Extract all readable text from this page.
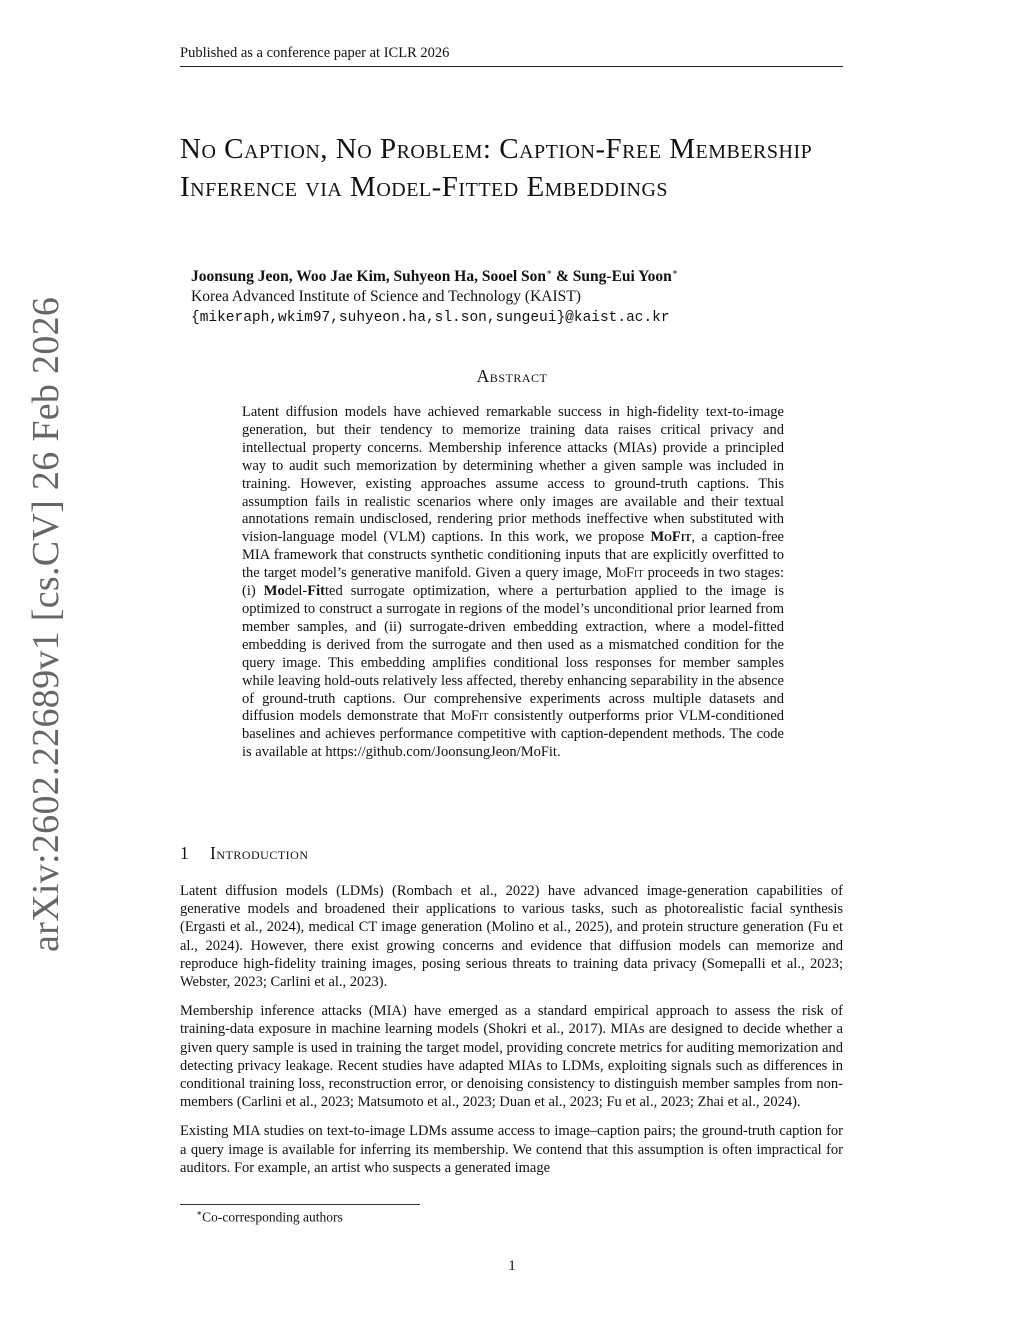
Published as a conference paper at ICLR 2026
arXiv:2602.22689v1 [cs.CV] 26 Feb 2026
No Caption, No Problem: Caption-Free Membership Inference via Model-Fitted Embeddings
Joonsung Jeon, Woo Jae Kim, Suhyeon Ha, Sooel Son∗ & Sung-Eui Yoon∗
Korea Advanced Institute of Science and Technology (KAIST)
{mikeraph,wkim97,suhyeon.ha,sl.son,sungeui}@kaist.ac.kr
Abstract
Latent diffusion models have achieved remarkable success in high-fidelity text-to-image generation, but their tendency to memorize training data raises critical privacy and intellectual property concerns. Membership inference attacks (MIAs) provide a principled way to audit such memorization by determining whether a given sample was included in training. However, existing approaches assume access to ground-truth captions. This assumption fails in realistic scenarios where only images are available and their textual annotations remain undisclosed, rendering prior methods ineffective when substituted with vision-language model (VLM) captions. In this work, we propose MoFit, a caption-free MIA framework that constructs synthetic conditioning inputs that are explicitly overfitted to the target model’s generative manifold. Given a query image, MoFit proceeds in two stages: (i) Model-Fitted surrogate optimization, where a perturbation applied to the image is optimized to construct a surrogate in regions of the model’s unconditional prior learned from member samples, and (ii) surrogate-driven embedding extraction, where a model-fitted embedding is derived from the surrogate and then used as a mismatched condition for the query image. This embedding amplifies conditional loss responses for member samples while leaving hold-outs relatively less affected, thereby enhancing separability in the absence of ground-truth captions. Our comprehensive experiments across multiple datasets and diffusion models demonstrate that MoFit consistently outperforms prior VLM-conditioned baselines and achieves performance competitive with caption-dependent methods. The code is available at https://github.com/JoonsungJeon/MoFit.
1 Introduction

Latent diffusion models (LDMs) (Rombach et al., 2022) have advanced image-generation capabilities of generative models and broadened their applications to various tasks, such as photorealistic facial synthesis (Ergasti et al., 2024), medical CT image generation (Molino et al., 2025), and protein structure generation (Fu et al., 2024). However, there exist growing concerns and evidence that diffusion models can memorize and reproduce high-fidelity training images, posing serious threats to training data privacy (Somepalli et al., 2023; Webster, 2023; Carlini et al., 2023).

Membership inference attacks (MIA) have emerged as a standard empirical approach to assess the risk of training-data exposure in machine learning models (Shokri et al., 2017). MIAs are designed to decide whether a given query sample is used in training the target model, providing concrete metrics for auditing memorization and detecting privacy leakage. Recent studies have adapted MIAs to LDMs, exploiting signals such as differences in conditional training loss, reconstruction error, or denoising consistency to distinguish member samples from non-members (Carlini et al., 2023; Matsumoto et al., 2023; Duan et al., 2023; Fu et al., 2023; Zhai et al., 2024).

Existing MIA studies on text-to-image LDMs assume access to image–caption pairs; the ground-truth caption for a query image is available for inferring its membership. We contend that this assumption is often impractical for auditors. For example, an artist who suspects a generated image

∗Co-corresponding authors
1
